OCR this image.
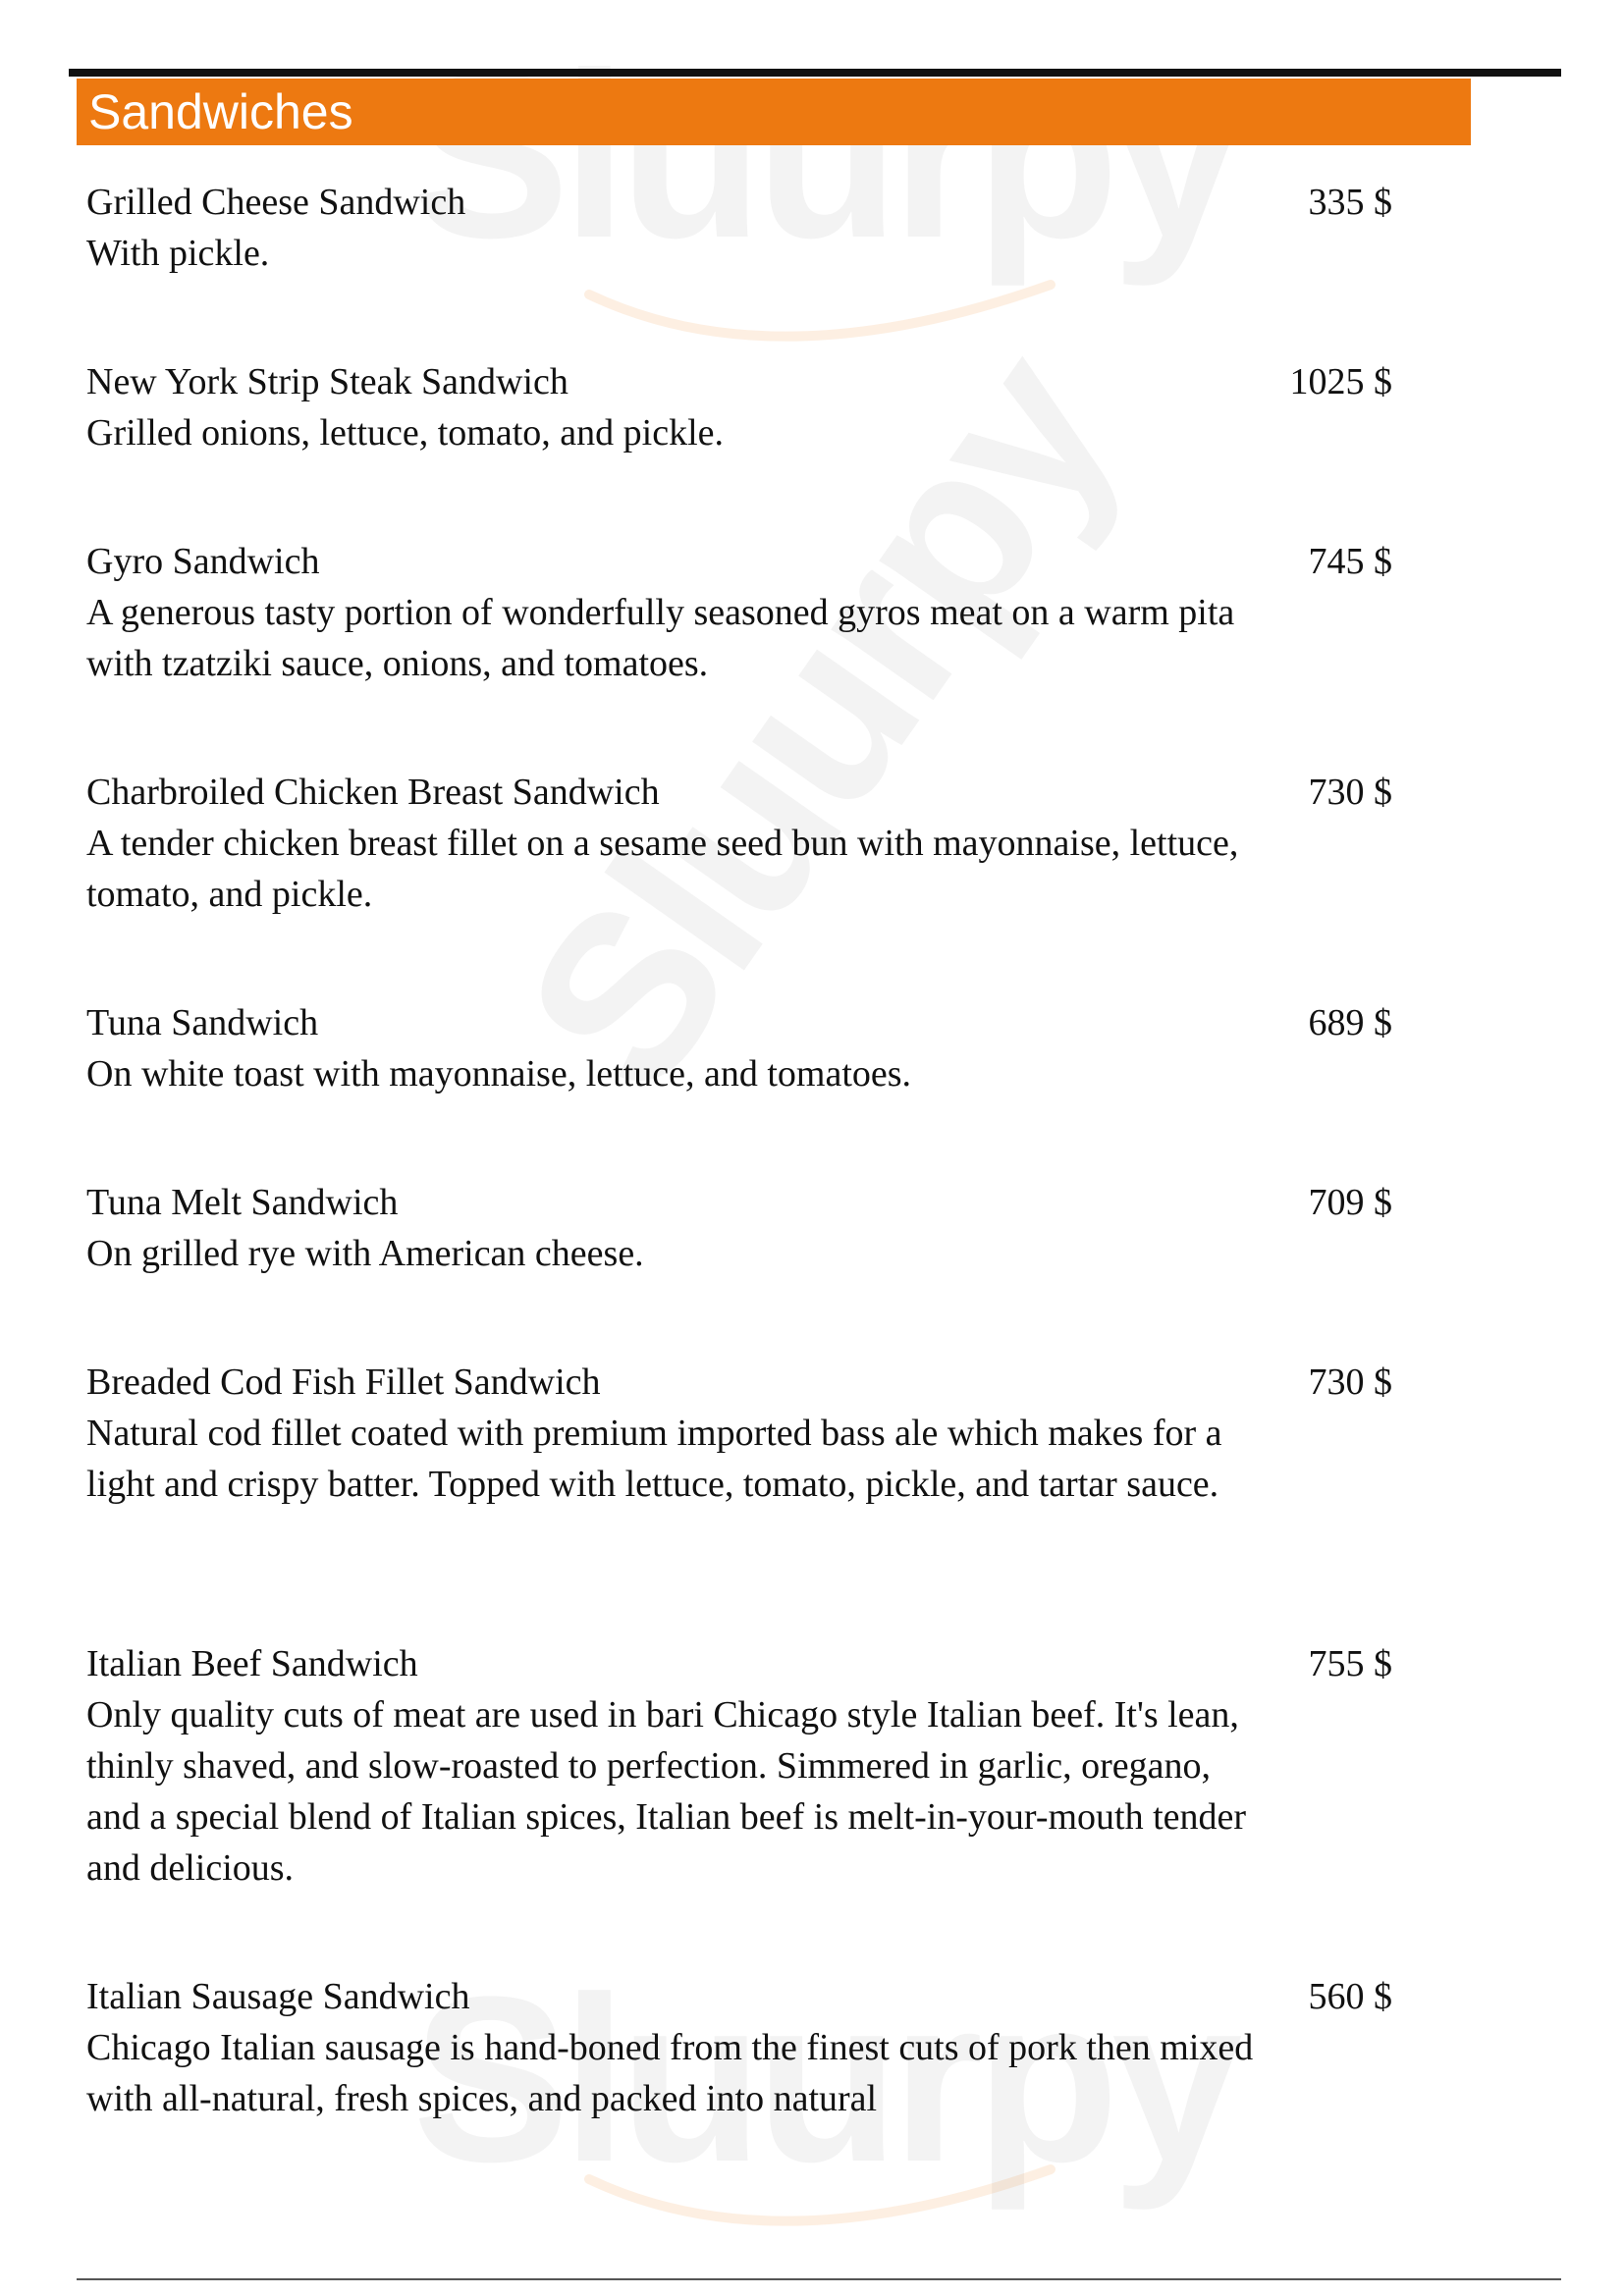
Sandwiches
Grilled Cheese Sandwich
With pickle.
335 $
New York Strip Steak Sandwich
Grilled onions, lettuce, tomato, and pickle.
1025 $
Gyro Sandwich
A generous tasty portion of wonderfully seasoned gyros meat on a warm pita with tzatziki sauce, onions, and tomatoes.
745 $
Charbroiled Chicken Breast Sandwich
A tender chicken breast fillet on a sesame seed bun with mayonnaise, lettuce, tomato, and pickle.
730 $
Tuna Sandwich
On white toast with mayonnaise, lettuce, and tomatoes.
689 $
Tuna Melt Sandwich
On grilled rye with American cheese.
709 $
Breaded Cod Fish Fillet Sandwich
Natural cod fillet coated with premium imported bass ale which makes for a light and crispy batter. Topped with lettuce, tomato, pickle, and tartar sauce.
730 $
Italian Beef Sandwich
Only quality cuts of meat are used in bari Chicago style Italian beef. It's lean, thinly shaved, and slow-roasted to perfection. Simmered in garlic, oregano, and a special blend of Italian spices, Italian beef is melt-in-your-mouth tender and delicious.
755 $
Italian Sausage Sandwich
Chicago Italian sausage is hand-boned from the finest cuts of pork then mixed with all-natural, fresh spices, and packed into natural
560 $
